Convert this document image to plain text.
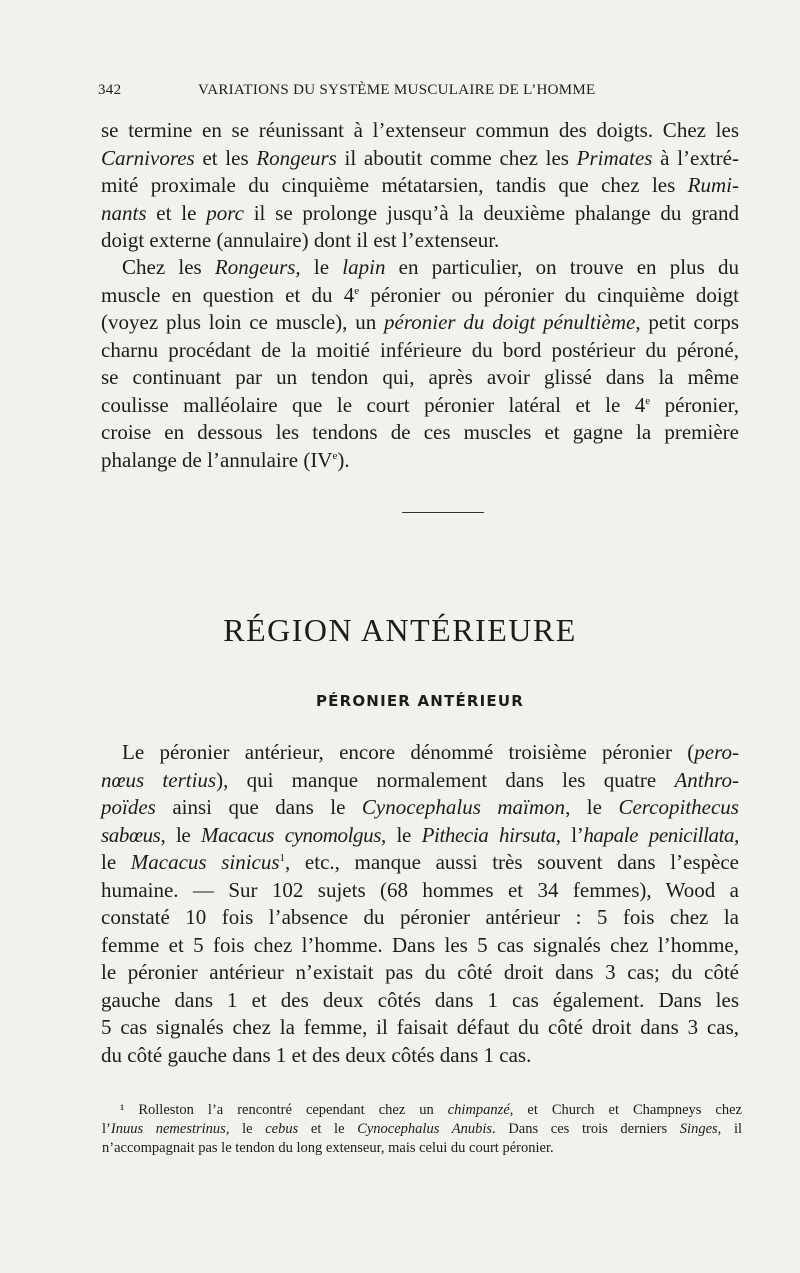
342	VARIATIONS DU SYSTÈME MUSCULAIRE DE L’HOMME
se termine en se réunissant à l’extenseur commun des doigts. Chez les
Carnivores et les Rongeurs il aboutit comme chez les Primates à l’extré-
mité proximale du cinquième métatarsien, tandis que chez les Rumi-
nants et le porc il se prolonge jusqu’à la deuxième phalange du grand
doigt externe (annulaire) dont il est l’extenseur.
Chez les Rongeurs, le lapin en particulier, on trouve en plus du
muscle en question et du 4e péronier ou péronier du cinquième doigt
(voyez plus loin ce muscle), un péronier du doigt pénultième, petit corps
charnu procédant de la moitié inférieure du bord postérieur du péroné,
se continuant par un tendon qui, après avoir glissé dans la même
coulisse malléolaire que le court péronier latéral et le 4e péronier,
croise en dessous les tendons de ces muscles et gagne la première
phalange de l’annulaire (IVe).
RÉGION ANTÉRIEURE
PÉRONIER ANTÉRIEUR
Le péronier antérieur, encore dénommé troisième péronier (pero-
nœus tertius), qui manque normalement dans les quatre Anthro-
poïdes ainsi que dans le Cynocephalus maïmon, le Cercopithecus
sabœus, le Macacus cynomolgus, le Pithecia hirsuta, l’hapale penicillata,
le Macacus sinicus$^1$, etc., manque aussi très souvent dans l’espèce
humaine. — Sur 102 sujets (68 hommes et 34 femmes), Wood a
constaté 10 fois l’absence du péronier antérieur : 5 fois chez la
femme et 5 fois chez l’homme. Dans les 5 cas signalés chez l’homme,
le péronier antérieur n’existait pas du côté droit dans 3 cas; du côté
gauche dans 1 et des deux côtés dans 1 cas également. Dans les
5 cas signalés chez la femme, il faisait défaut du côté droit dans 3 cas,
du côté gauche dans 1 et des deux côtés dans 1 cas.
¹ Rolleston l’a rencontré cependant chez un chimpanzé, et Church et Champneys chez
l’Inuus nemestrinus, le cebus et le Cynocephalus Anubis. Dans ces trois derniers Singes, il
n’accompagnait pas le tendon du long extenseur, mais celui du court péronier.
